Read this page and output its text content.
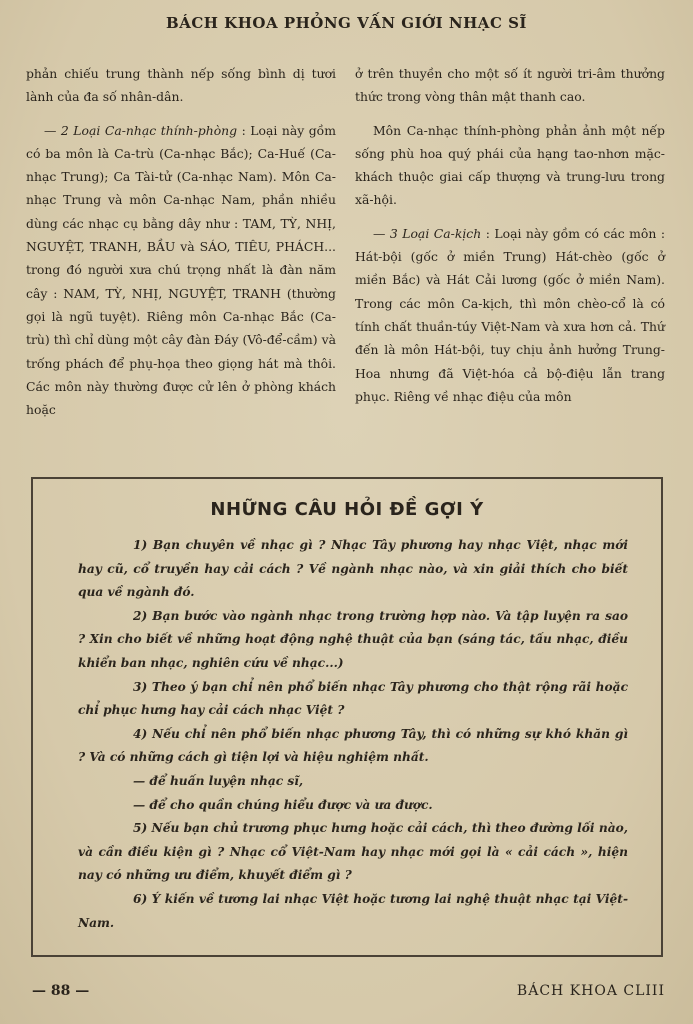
BÁCH KHOA PHỎNG VẤN GIỚI NHẠC SĨ

phản chiếu trung thành nếp sống bình dị tươi lành của đa số nhân-dân.

— 2 Loại Ca-nhạc thính-phòng : Loại này gồm có ba môn là Ca-trù (Ca-nhạc Bắc); Ca-Huế (Ca-nhạc Trung); Ca Tài-tử (Ca-nhạc Nam). Môn Ca-nhạc Trung và môn Ca-nhạc Nam, phần nhiều dùng các nhạc cụ bằng dây như : TAM, TỲ, NHỊ, NGUYỆT, TRANH, BẦU và SÁO, TIÊU, PHÁCH... trong đó người xưa chú trọng nhất là đàn năm cây : NAM, TỲ, NHỊ, NGUYỆT, TRANH (thường gọi là ngũ tuyệt). Riêng môn Ca-nhạc Bắc (Ca-trù) thì chỉ dùng một cây đàn Đáy (Vô-để-cầm) và trống phách để phụ-họa theo giọng hát mà thôi. Các môn này thường được cử lên ở phòng khách hoặc

ở trên thuyền cho một số ít người tri-âm thưởng thức trong vòng thân mật thanh cao.

Môn Ca-nhạc thính-phòng phản ảnh một nếp sống phù hoa quý phái của hạng tao-nhơn mặc-khách thuộc giai cấp thượng và trung-lưu trong xã-hội.

— 3 Loại Ca-kịch : Loại này gồm có các môn : Hát-bội (gốc ở miền Trung) Hát-chèo (gốc ở miền Bắc) và Hát Cải lương (gốc ở miền Nam). Trong các môn Ca-kịch, thì môn chèo-cổ là có tính chất thuần-túy Việt-Nam và xưa hơn cả. Thứ đến là môn Hát-bội, tuy chịu ảnh hưởng Trung-Hoa nhưng đã Việt-hóa cả bộ-điệu lẫn trang phục. Riêng về nhạc điệu của môn

NHỮNG CÂU HỎI ĐỀ GỢI Ý

1) Bạn chuyên về nhạc gì ? Nhạc Tây phương hay nhạc Việt, nhạc mới hay cũ, cổ truyền hay cải cách ? Về ngành nhạc nào, và xin giải thích cho biết qua về ngành đó.

2) Bạn bước vào ngành nhạc trong trường hợp nào. Và tập luyện ra sao ? Xin cho biết về những hoạt động nghệ thuật của bạn (sáng tác, tấu nhạc, điều khiển ban nhạc, nghiên cứu về nhạc...)

3) Theo ý bạn chỉ nên phổ biến nhạc Tây phương cho thật rộng rãi hoặc chỉ phục hưng hay cải cách nhạc Việt ?

4) Nếu chỉ nên phổ biến nhạc phương Tây, thì có những sự khó khăn gì ? Và có những cách gì tiện lợi và hiệu nghiệm nhất.

— để huấn luyện nhạc sĩ,

— để cho quần chúng hiểu được và ưa được.

5) Nếu bạn chủ trương phục hưng hoặc cải cách, thì theo đường lối nào, và cần điều kiện gì ? Nhạc cổ Việt-Nam hay nhạc mới gọi là « cải cách », hiện nay có những ưu điểm, khuyết điểm gì ?

6) Ý kiến về tương lai nhạc Việt hoặc tương lai nghệ thuật nhạc tại Việt-Nam.

— 88 —	BÁCH KHOA CLIII
